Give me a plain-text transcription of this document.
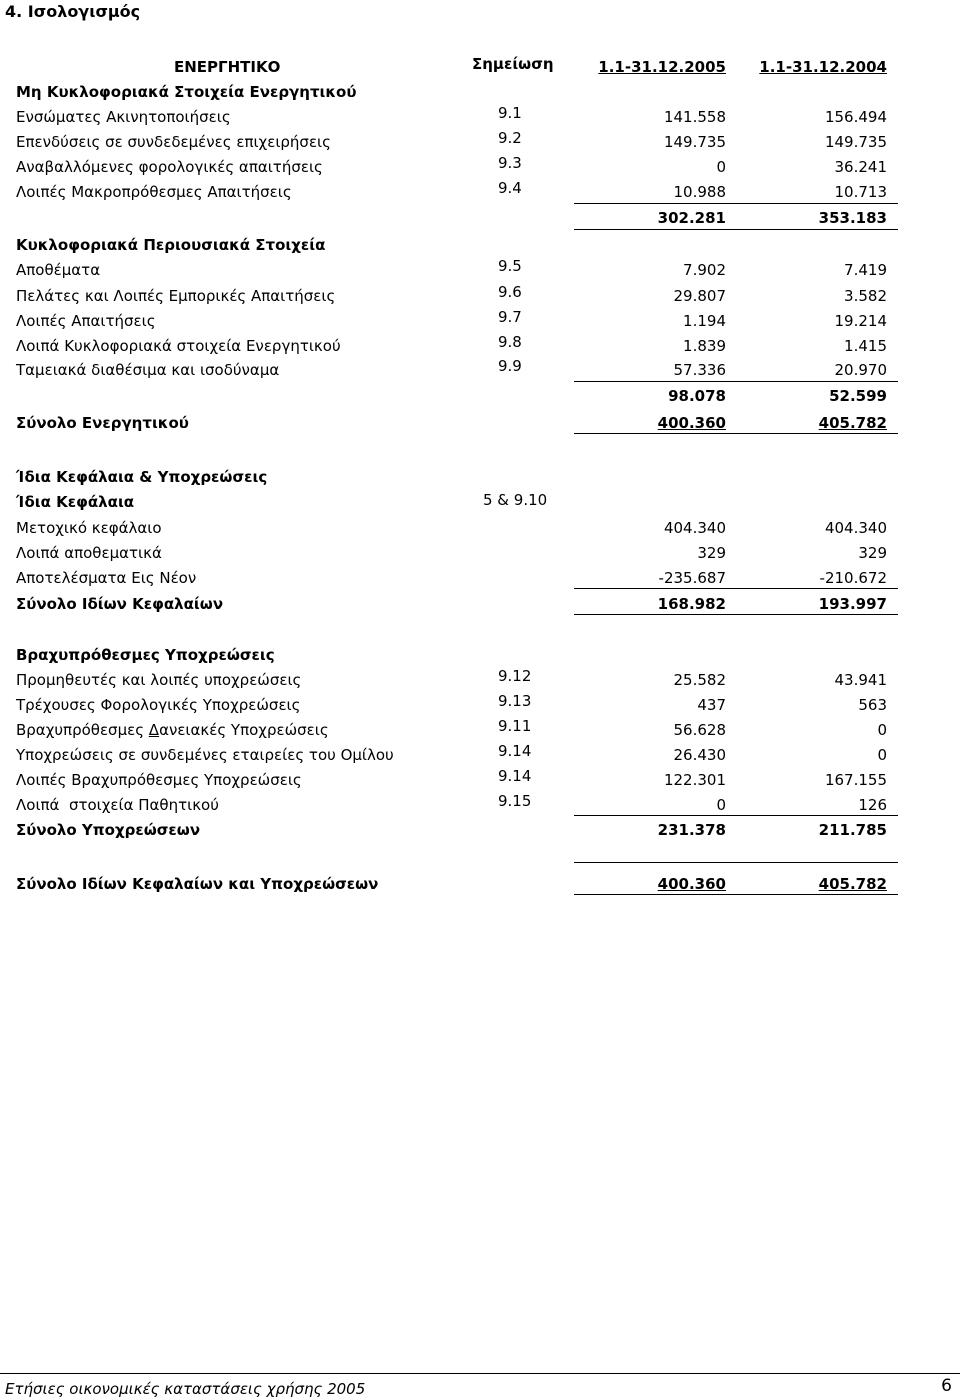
4. Ισολογισμός
ΕΝΕΡΓΗΤΙΚΟ	Σημείωση	1.1-31.12.2005 1.1-31.12.2004
Μη Κυκλοφοριακά Στοιχεία Ενεργητικού
Ενσώματες Ακινητοποιήσεις	9.1	141.558	156.494
Επενδύσεις σε συνδεδεμένες επιχειρήσεις	9.2	149.735	149.735
Αναβαλλόμενες φορολογικές απαιτήσεις	9.3	0	36.241
Λοιπές Μακροπρόθεσμες Απαιτήσεις	9.4	10.988	10.713
302.281	353.183
Κυκλοφοριακά Περιουσιακά Στοιχεία
Αποθέματα	9.5	7.902	7.419
Πελάτες και Λοιπές Εμπορικές Απαιτήσεις	9.6	29.807	3.582
Λοιπές Απαιτήσεις	9.7	1.194	19.214
Λοιπά Κυκλοφοριακά στοιχεία Ενεργητικού	9.8	1.839	1.415
Ταμειακά διαθέσιμα και ισοδύναμα	9.9	57.336	20.970
98.078	52.599
Σύνολο Ενεργητικού	400.360	405.782
Ίδια Κεφάλαια & Υποχρεώσεις
Ίδια Κεφάλαια	5 & 9.10
Μετοχικό κεφάλαιο	404.340	404.340
Λοιπά αποθεματικά	329	329
Αποτελέσματα Εις Νέον	-235.687	-210.672
Σύνολο Ιδίων Κεφαλαίων	168.982	193.997
Βραχυπρόθεσμες Υποχρεώσεις
Προμηθευτές και λοιπές υποχρεώσεις	9.12	25.582	43.941
Τρέχουσες Φορολογικές Υποχρεώσεις	9.13	437	563
Βραχυπρόθεσμες Δανειακές Υποχρεώσεις	9.11	56.628	0
Υποχρεώσεις σε συνδεμένες εταιρείες του Ομίλου	9.14	26.430	0
Λοιπές Βραχυπρόθεσμες Υποχρεώσεις	9.14	122.301	167.155
Λοιπά  στοιχεία Παθητικού	9.15	0	126
Σύνολο Υποχρεώσεων	231.378	211.785
Σύνολο Ιδίων Κεφαλαίων και Υποχρεώσεων	400.360	405.782
Ετήσιες οικονομικές καταστάσεις χρήσης 2005	6
